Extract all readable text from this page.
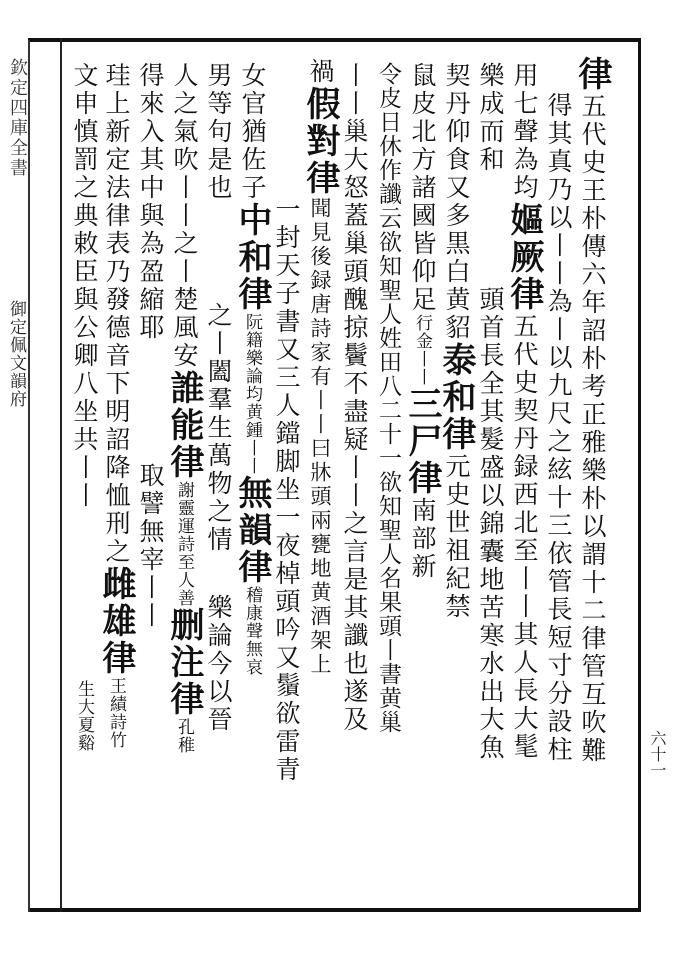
欽定四庫全書
御定佩文韻府
六十一
律五代史王朴傳六年詔朴考正雅樂朴以謂十二律管互吹難
得其真乃以丨丨為丨以九尺之絃十三依管長短寸分設柱
用七聲為均嫗厥律五代史契丹録西北至丨丨其人長大髦
樂成而和頭首長全其髮盛以錦囊地苦寒水出大魚
契丹仰食又多黒白黄貂泰和律元史世祖紀禁
鼠皮北方諸國皆仰足行金丨丨三尸律南部新
令皮日休作讖云欲知聖人姓田八二十一欲知聖人名果頭丨書黄巢
丨丨巢大怒蓋巢頭醜掠鬢不盡疑丨丨之言是其讖也遂及
禍假對律聞見後録唐詩家有丨丨曰牀頭兩甕地黄酒架上
一封天子書又三人鐺脚坐一夜棹頭吟又鬚欲雷青
女官猶佐子中和律阮籍樂論均黄鍾丨丨無韻律稽康聲無哀
男等句是也之丨闔羣生萬物之情樂論今以晉
人之氣吹丨丨之丨楚風安誰能律謝靈運詩至人善删注律孔稚
得來入其中與為盈縮耶取譬無宰丨丨
珪上新定法律表乃發德音下明詔降恤刑之雌雄律王績詩竹
文申慎罰之典敕臣與公卿八坐共丨丨生大夏谿
